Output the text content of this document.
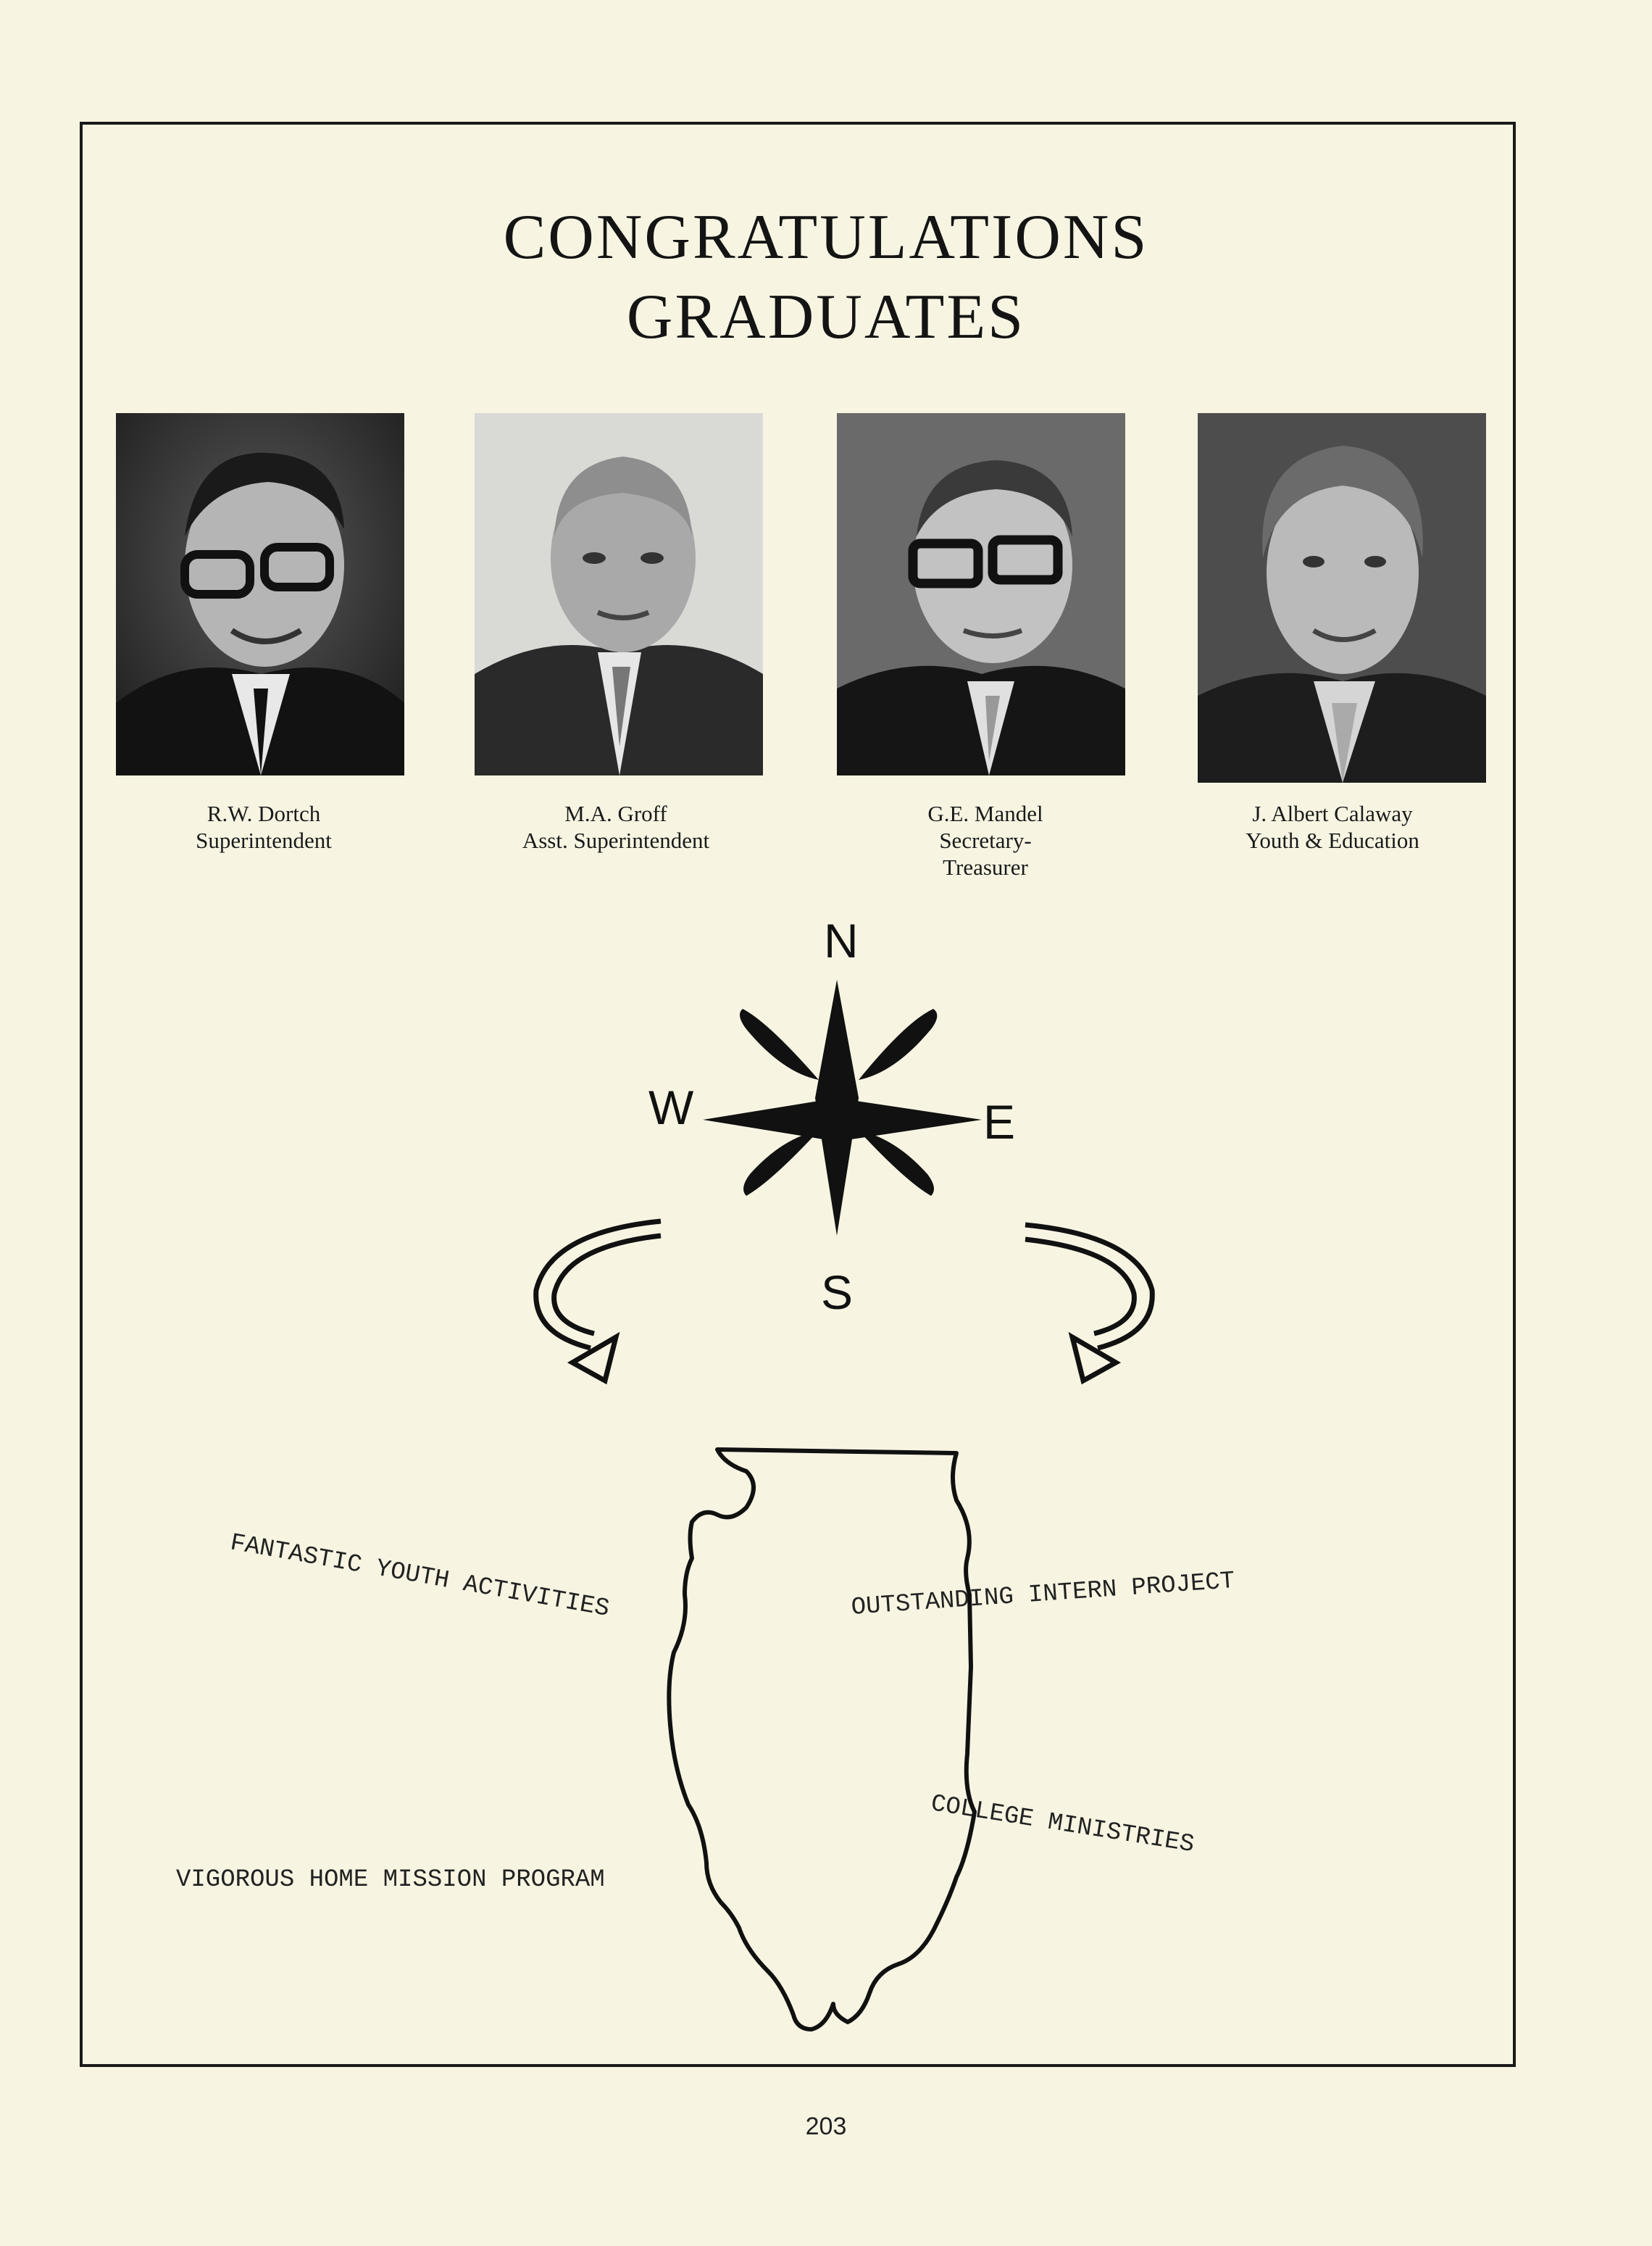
CONGRATULATIONS
GRADUATES
R.W. Dortch
Superintendent
M.A. Groff
Asst. Superintendent
G.E. Mandel
Secretary-
Treasurer
J. Albert Calaway
Youth & Education
N
S
E
W
FANTASTIC YOUTH ACTIVITIES	OUTSTANDING INTERN PROJECT
COLLEGE MINISTRIES
VIGOROUS HOME MISSION PROGRAM
203
